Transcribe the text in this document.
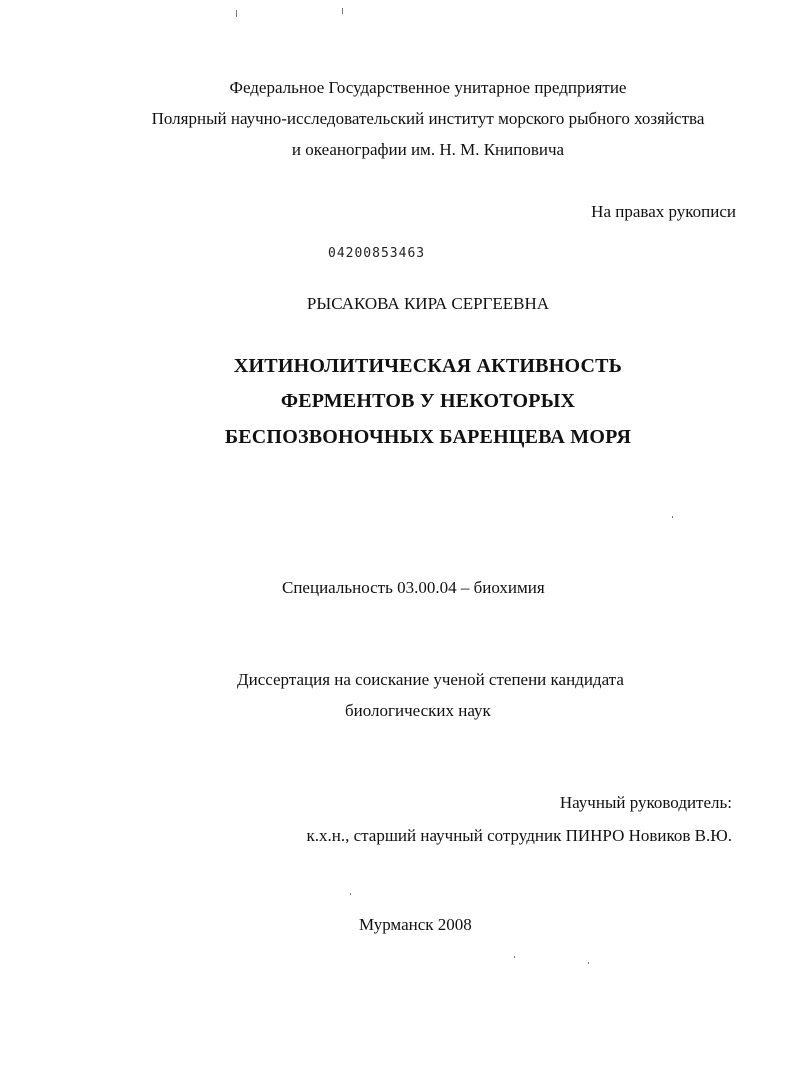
Федеральное Государственное унитарное предприятие
Полярный научно-исследовательский институт морского рыбного хозяйства
и океанографии им. Н. М. Книповича
На правах рукописи
04200853463
РЫСАКОВА КИРА СЕРГЕЕВНА
ХИТИНОЛИТИЧЕСКАЯ АКТИВНОСТЬ
ФЕРМЕНТОВ У НЕКОТОРЫХ
БЕСПОЗВОНОЧНЫХ БАРЕНЦЕВА МОРЯ
Специальность 03.00.04 – биохимия
Диссертация на соискание ученой степени кандидата
биологических наук
Научный руководитель:
к.х.н., старший научный сотрудник ПИНРО Новиков В.Ю.
Мурманск 2008
